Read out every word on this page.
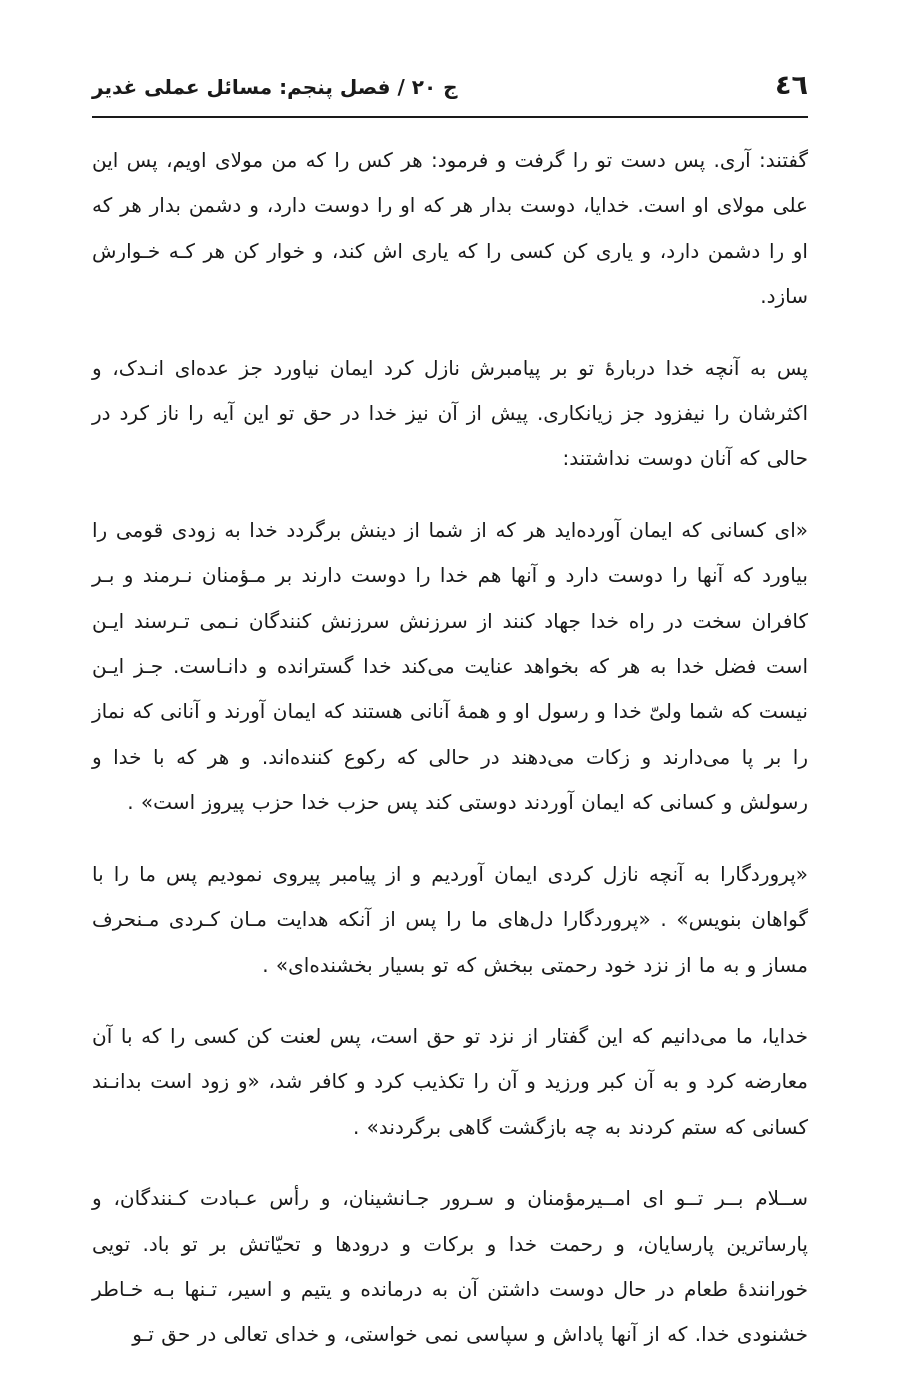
٤٦
ج ۲۰ / فصل پنجم: مسائل عملی غدیر

گفتند: آری. پس دست تو را گرفت و فرمود: هر کس را که من مولای اویم، پس این علی مولای او است. خدایا، دوست بدار هر که او را دوست دارد، و دشمن بدار هر که او را دشمن دارد، و یاری کن کسی را که یاری اش کند، و خوار کن هر کـه خـوارش سازد.

پس به آنچه خدا دربارهٔ تو بر پیامبرش نازل کرد ایمان نیاورد جز عده‌ای انـدک، و اکثرشان را نیفزود جز زیانکاری. پیش از آن نیز خدا در حق تو این آیه را ناز کرد در حالی که آنان دوست نداشتند:

«ای کسانی که ایمان آورده‌اید هر که از شما از دینش برگردد خدا به زودی قومی را بیاورد که آنها را دوست دارد و آنها هم خدا را دوست دارند بر مـؤمنان نـرمند و بـر کافران سخت در راه خدا جهاد کنند از سرزنش سرزنش کنندگان نـمی تـرسند ایـن است فضل خدا به هر که بخواهد عنایت می‌کند خدا گسترانده و دانـاست. جـز ایـن نیست که شما ولیّ خدا و رسول او و همهٔ آنانی هستند که ایمان آورند و آنانی که نماز را بر پا می‌دارند و زکات می‌دهند در حالی که رکوع کننده‌اند. و هر که با خدا و رسولش و کسانی که ایمان آوردند دوستی کند پس حزب خدا حزب پیروز است» .

«پروردگارا به آنچه نازل کردی ایمان آوردیم و از پیامبر پیروی نمودیم پس ما را با گواهان بنویس» . «پروردگارا دل‌های ما را پس از آنکه هدایت مـان کـردی مـنحرف مساز و به ما از نزد خود رحمتی ببخش که تو بسیار بخشنده‌ای» .

خدایا، ما می‌دانیم که این گفتار از نزد تو حق است، پس لعنت کن کسی را که با آن معارضه کرد و به آن کبر ورزید و آن را تکذیب کرد و کافر شد، «و زود است بدانـند کسانی که ستم کردند به چه بازگشت گاهی برگردند» .

ســلام بــر تــو ای امــیرمؤمنان و سـرور جـانشینان، و رأس عـبادت کـنندگان، و پارساترین پارسایان، و رحمت خدا و برکات و درودها و تحیّاتش بر تو باد. تویی خورانندهٔ طعام در حال دوست داشتن آن به درمانده و یتیم و اسیر، تـنها بـه خـاطر خشنودی خدا. که از آنها پاداش و سپاسی نمی خواستی، و خدای تعالی در حق تـو
